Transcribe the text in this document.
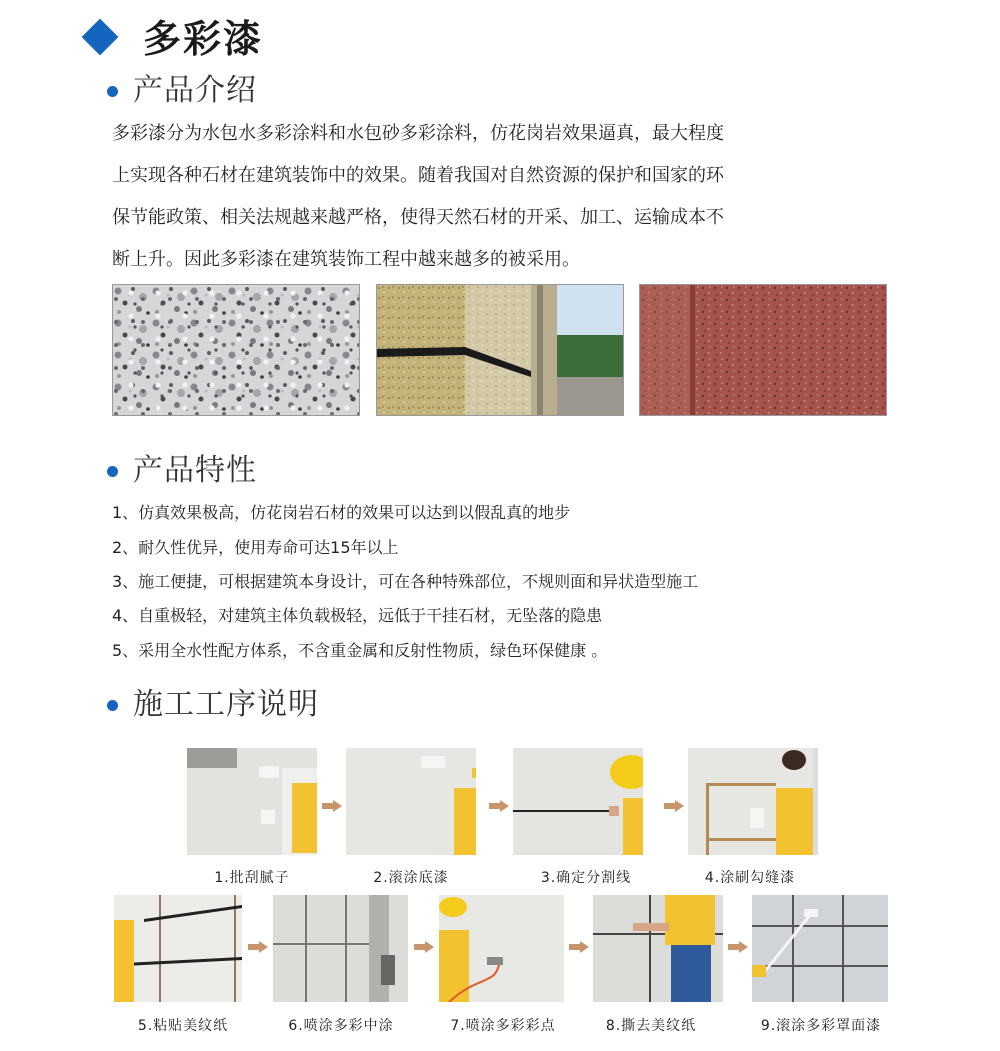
多彩漆
产品介绍

多彩漆分为水包水多彩涂料和水包砂多彩涂料，仿花岗岩效果逼真，最大程度

上实现各种石材在建筑装饰中的效果。随着我国对自然资源的保护和国家的环

保节能政策、相关法规越来越严格，使得天然石材的开采、加工、运输成本不

断上升。因此多彩漆在建筑装饰工程中越来越多的被采用。

产品特性
1、仿真效果极高，仿花岗岩石材的效果可以达到以假乱真的地步
2、耐久性优异，使用寿命可达15年以上
3、施工便捷，可根据建筑本身设计，可在各种特殊部位，不规则面和异状造型施工
4、自重极轻，对建筑主体负载极轻，远低于干挂石材，无坠落的隐患
5、采用全水性配方体系，不含重金属和反射性物质，绿色环保健康 。
施工工序说明
1.批刮腻子	2.滚涂底漆	3.确定分割线	4.涂刷勾缝漆
5.粘贴美纹纸	6.喷涂多彩中涂	7.喷涂多彩彩点	8.撕去美纹纸	9.滚涂多彩罩面漆
